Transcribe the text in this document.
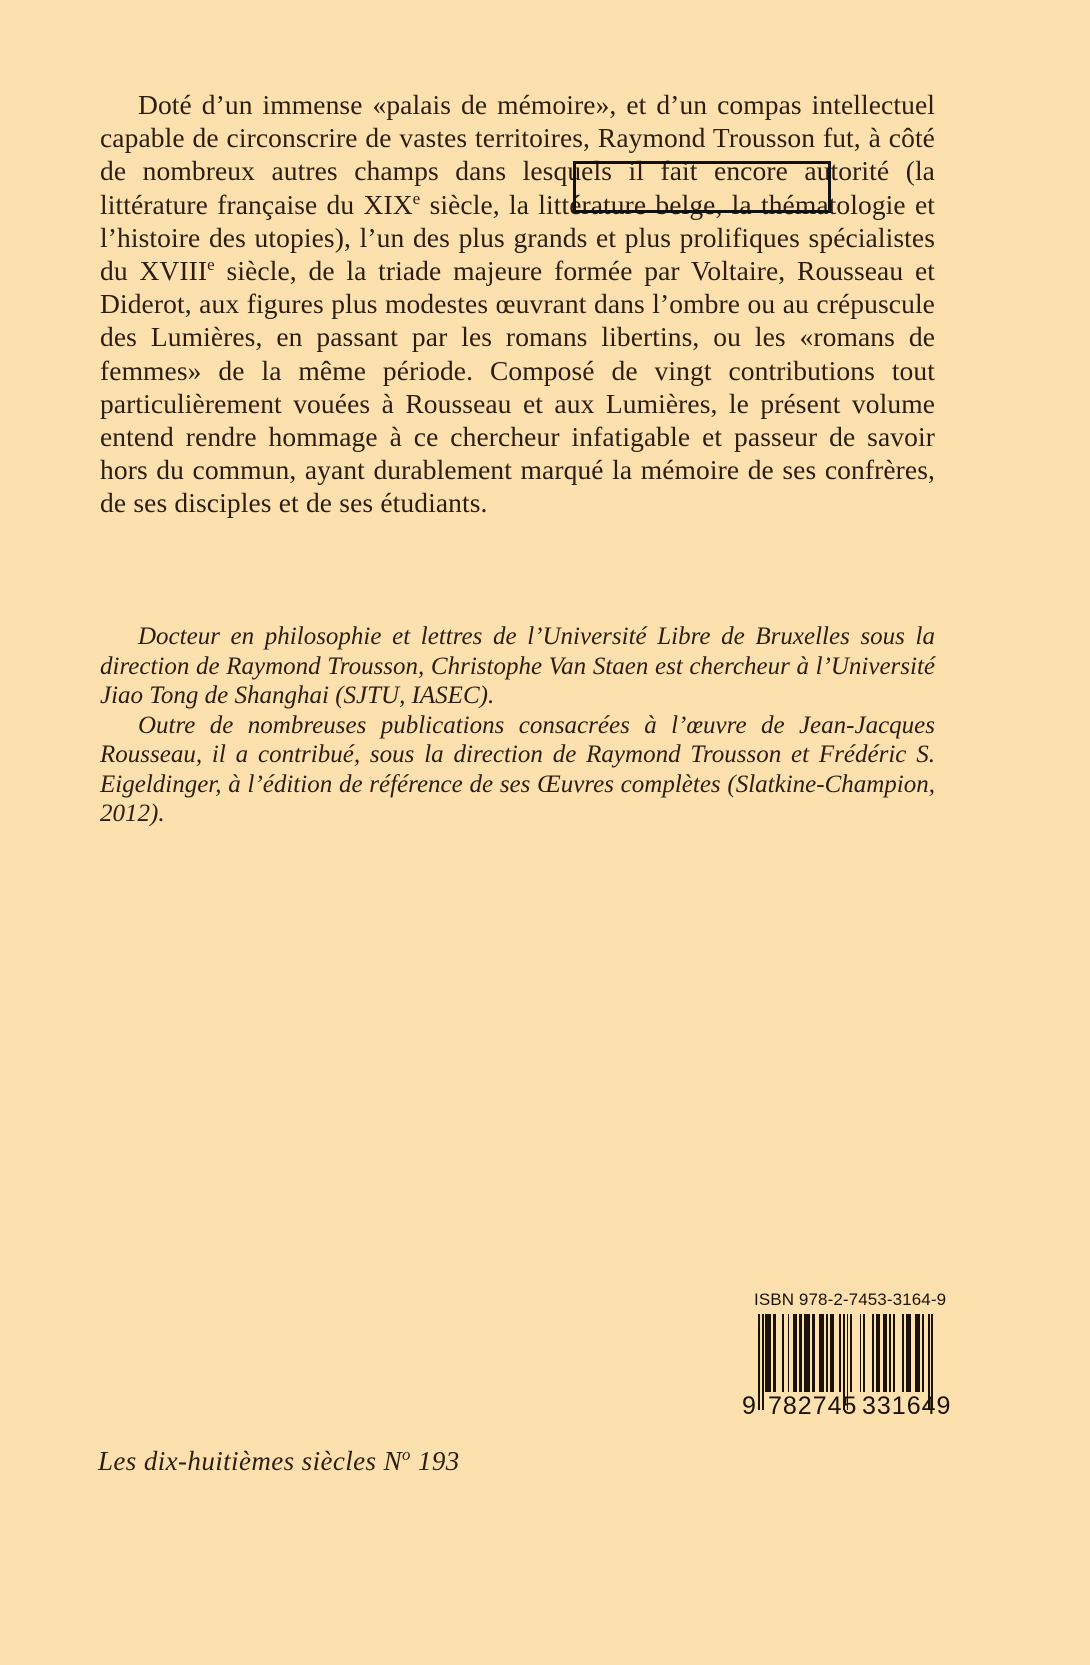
Doté d’un immense «palais de mémoire», et d’un compas intellectuel capable de circonscrire de vastes territoires, Raymond Trousson fut, à côté de nombreux autres champs dans lesquels il fait encore autorité (la littérature française du XIXe siècle, la littérature belge, la thématologie et l’histoire des utopies), l’un des plus grands et plus prolifiques spécialistes du XVIIIe siècle, de la triade majeure formée par Voltaire, Rousseau et Diderot, aux figures plus modestes œuvrant dans l’ombre ou au crépuscule des Lumières, en passant par les romans libertins, ou les «romans de femmes» de la même période. Composé de vingt contributions tout particulièrement vouées à Rousseau et aux Lumières, le présent volume entend rendre hommage à ce chercheur infatigable et passeur de savoir hors du commun, ayant durablement marqué la mémoire de ses confrères, de ses disciples et de ses étudiants.

Docteur en philosophie et lettres de l’Université Libre de Bruxelles sous la direction de Raymond Trousson, Christophe Van Staen est chercheur à l’Université Jiao Tong de Shanghai (SJTU, IASEC).

Outre de nombreuses publications consacrées à l’œuvre de Jean-Jacques Rousseau, il a contribué, sous la direction de Raymond Trousson et Frédéric S. Eigeldinger, à l’édition de référence de ses Œuvres complètes (Slatkine-Champion, 2012).

Les dix-huitièmes siècles $N^o$ 193
ISBN 978-2-7453-3164-9
9 782745 331649
